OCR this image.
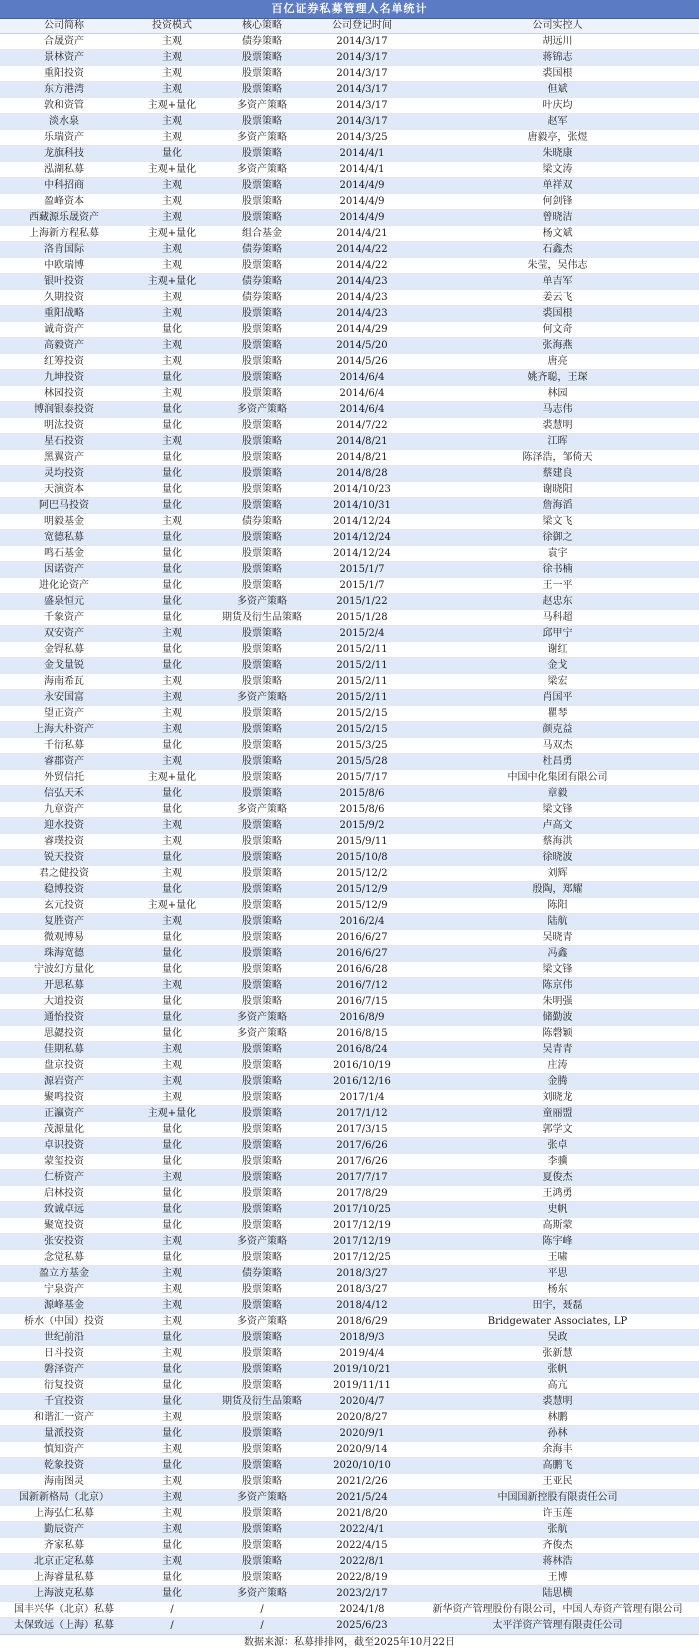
百亿证券私募管理人名单统计
公司简称	投资模式	核心策略	公司登记时间	公司实控人
合晟资产	主观	债券策略	2014/3/17	胡远川
景林资产	主观	股票策略	2014/3/17	蒋锦志
重阳投资	主观	股票策略	2014/3/17	裘国根
东方港湾	主观	股票策略	2014/3/17	但斌
敦和资管	主观+量化	多资产策略	2014/3/17	叶庆均
淡水泉	主观	股票策略	2014/3/17	赵军
乐瑞资产	主观	多资产策略	2014/3/25	唐毅亭，张煜
龙旗科技	量化	股票策略	2014/4/1	朱晓康
泓湖私募	主观+量化	多资产策略	2014/4/1	梁文涛
中科招商	主观	股票策略	2014/4/9	单祥双
盈峰资本	主观	股票策略	2014/4/9	何剑锋
西藏源乐晟资产	主观	股票策略	2014/4/9	曾晓洁
上海新方程私募	主观+量化	组合基金	2014/4/21	杨文斌
洛肯国际	主观	债券策略	2014/4/22	石鑫杰
中欧瑞博	主观	股票策略	2014/4/22	朱莹，吴伟志
银叶投资	主观+量化	债券策略	2014/4/23	单吉军
久期投资	主观	债券策略	2014/4/23	姜云飞
重阳战略	主观	股票策略	2014/4/23	裘国根
诚奇资产	量化	股票策略	2014/4/29	何文奇
高毅资产	主观	股票策略	2014/5/20	张海燕
红筹投资	主观	股票策略	2014/5/26	唐亮
九坤投资	量化	股票策略	2014/6/4	姚齐聪，王琛
林园投资	主观	股票策略	2014/6/4	林园
博润银泰投资	量化	多资产策略	2014/6/4	马志伟
明汯投资	量化	股票策略	2014/7/22	裘慧明
星石投资	主观	股票策略	2014/8/21	江晖
黑翼资产	量化	股票策略	2014/8/21	陈泽浩，邹倚天
灵均投资	量化	股票策略	2014/8/28	蔡建良
天演资本	量化	股票策略	2014/10/23	谢晓阳
阿巴马投资	量化	股票策略	2014/10/31	詹海滔
明毅基金	主观	债券策略	2014/12/24	梁文飞
宽德私募	量化	股票策略	2014/12/24	徐御之
鸣石基金	量化	股票策略	2014/12/24	袁宇
因诺资产	量化	股票策略	2015/1/7	徐书楠
进化论资产	量化	股票策略	2015/1/7	王一平
盛泉恒元	量化	多资产策略	2015/1/22	赵忠东
千象资产	量化	期货及衍生品策略	2015/1/28	马科超
双安资产	主观	股票策略	2015/2/4	邱甲宁
金锝私募	量化	股票策略	2015/2/11	谢红
金戈量锐	量化	股票策略	2015/2/11	金戈
海南希瓦	主观	股票策略	2015/2/11	梁宏
永安国富	主观	多资产策略	2015/2/11	肖国平
望正资产	主观	股票策略	2015/2/15	瞿琴
上海大朴资产	主观	股票策略	2015/2/15	颜克益
千衍私募	量化	股票策略	2015/3/25	马双杰
睿郡资产	主观	股票策略	2015/5/28	杜昌勇
外贸信托	主观+量化	股票策略	2015/7/17	中国中化集团有限公司
信弘天禾	量化	股票策略	2015/8/6	章毅
九章资产	量化	多资产策略	2015/8/6	梁文锋
迎水投资	主观	股票策略	2015/9/2	卢高文
睿璞投资	主观	股票策略	2015/9/11	蔡海洪
锐天投资	量化	股票策略	2015/10/8	徐晓波
君之健投资	主观	股票策略	2015/12/2	刘辉
稳博投资	量化	股票策略	2015/12/9	殷陶，郑耀
玄元投资	主观+量化	股票策略	2015/12/9	陈阳
复胜资产	主观	股票策略	2016/2/4	陆航
微观博易	量化	股票策略	2016/6/27	吴晓青
珠海宽德	量化	股票策略	2016/6/27	冯鑫
宁波幻方量化	量化	股票策略	2016/6/28	梁文锋
开思私募	主观	股票策略	2016/7/12	陈京伟
大道投资	量化	股票策略	2016/7/15	朱明强
通怡投资	量化	多资产策略	2016/8/9	储勤波
思勰投资	量化	多资产策略	2016/8/15	陈磬颖
佳期私募	主观	股票策略	2016/8/24	吴青青
盘京投资	主观	股票策略	2016/10/19	庄涛
源岩资产	主观	股票策略	2016/12/16	金腾
聚鸣投资	主观	股票策略	2017/1/4	刘晓龙
正瀛资产	主观+量化	股票策略	2017/1/12	童丽盟
茂源量化	量化	股票策略	2017/3/15	郭学文
卓识投资	量化	股票策略	2017/6/26	张卓
蒙玺投资	量化	股票策略	2017/6/26	李骥
仁桥资产	主观	股票策略	2017/7/17	夏俊杰
启林投资	量化	股票策略	2017/8/29	王鸿勇
致诚卓远	量化	股票策略	2017/10/25	史帆
聚宽投资	量化	股票策略	2017/12/19	高斯蒙
张安投资	主观	多资产策略	2017/12/19	陈宇峰
念觉私募	量化	股票策略	2017/12/25	王啸
盈立方基金	主观	债券策略	2018/3/27	平思
宁泉资产	主观	股票策略	2018/3/27	杨东
源峰基金	主观	股票策略	2018/4/12	田宇，聂磊
桥水（中国）投资	主观	多资产策略	2018/6/29	Bridgewater Associates, LP
世纪前沿	量化	股票策略	2018/9/3	吴政
日斗投资	主观	股票策略	2019/4/4	张新慧
磐泽资产	量化	股票策略	2019/10/21	张帆
衍复投资	量化	股票策略	2019/11/11	高亢
千宜投资	量化	期货及衍生品策略	2020/4/7	裘慧明
和谐汇一资产	主观	股票策略	2020/8/27	林鹏
量派投资	量化	股票策略	2020/9/1	孙林
慎知资产	主观	股票策略	2020/9/14	余海丰
乾象投资	量化	股票策略	2020/10/10	高鹏飞
海南图灵	主观	股票策略	2021/2/26	王亚民
国新新格局（北京）	主观	多资产策略	2021/5/24	中国国新控股有限责任公司
上海弘仁私募	主观	股票策略	2021/8/20	许玉莲
勤辰资产	主观	股票策略	2022/4/1	张航
齐家私募	量化	股票策略	2022/4/15	齐俊杰
北京正定私募	主观	股票策略	2022/8/1	蒋林浩
上海睿量私募	量化	股票策略	2022/8/19	王博
上海波克私募	量化	多资产策略	2023/2/17	陆思横
国丰兴华（北京）私募	/	/	2024/1/8	新华资产管理股份有限公司，中国人寿资产管理有限公司
太保致远（上海）私募	/	/	2025/6/23	太平洋资产管理有限责任公司
数据来源：私募排排网，截至2025年10月22日
